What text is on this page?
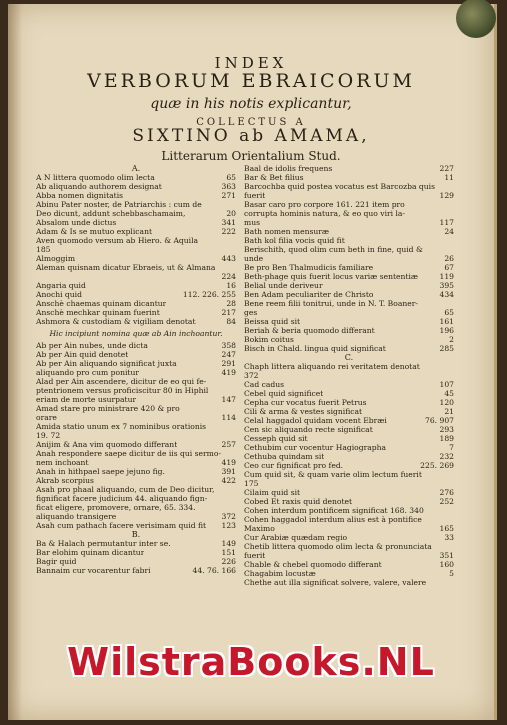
INDEX
VERBORUM EBRAICORUM
quæ in his notis explicantur,
COLLECTUS A
SIXTINO ab AMAMA,
Litterarum Orientalium Stud.
A.
A N littera quomodo olim lecta	65
Ab aliquando authorem designat	363
Abba nomen dignitatis	271
Abinu Pater noster, de Patriarchis : cum de
Deo dicunt, addunt schebbaschamaim,	20
Absalom unde dictus	341
Adam & Is se mutuo explicant	222
Aven quomodo versum ab Hiero. & Aquila
185
Almoggim	443
Aleman quisnam dicatur Ebraeis, ut & Almana
224
Angaria quid	16
Anochi quid	112. 226. 255
Anschè chaemas quinam dicantur	28
Anschè mechkar quinam fuerint	217
Ashmora & custodiam & vigiliam denotat	84
Hic incipiunt nomina quæ ab Ain inchoantur.
Ab per Ain nubes, unde dicta	358
Ab per Ain quid denotet	247
Ab per Ain aliquando significat juxta	291
aliquando pro cum ponitur	419
Alad per Ain ascendere, dicitur de eo qui fe-
ptentrionem versus proficiscitur 80 in Hiphil
eriam de morte usurpatur	147
Amad stare pro ministrare 420 & pro
orare	114
Amida statio unum ex 7 nominibus orationis
19. 72
Anijim & Ana vim quomodo differant	257
Anah respondere saepe dicitur de iis qui sermo-
nem inchoant	419
Anah in hithpael saepe jejuno fig.	391
Akrab scorpius	422
Asah pro phaal aliquando, cum de Deo dicitur,
fignificat facere judicium 44. aliquando fign-
ficat eligere, promovere, ornare, 65. 334.
aliquando transigere	372
Asah cum pathach facere verisimam quid fit	123
B.
Ba & Halach permutantur inter se.	149
Bar elohim quinam dicantur	151
Bagir quid	226
Bannaim cur vocarentur fabri	44. 76. 166
Baal de idolis frequens	227
Bar & Bet filius	11
Barcochba quid postea vocatus est Barcozba quis
fuerit	129
Basar caro pro corpore 161. 221 item pro
corrupta hominis natura, & eo quo viri la-
mus	117
Bath nomen mensuræ	24
Bath kol filia vocis quid fit
Berischith, quod olim cum beth in fine, quid &
unde	26
Be pro Ben Thalmudicis familiare	67
Beth-phage quis fuerit locus variæ sententiæ	119
Belial unde deriveur	395
Ben Adam peculiariter de Christo	434
Bene reem filii tonitrui, unde in N. T. Boaner-
ges	65
Beissa quid sit	161
Beriah & beria quomodo differant	196
Bokim coitus	2
Bisch in Chald. lingua quid significat	285
C.
Chaph littera aliquando rei veritatem denotat
372
Cad cadus	107
Cebel quid significet	45
Cepha cur vocatus fuerit Petrus	120
Cili & arma & vestes significat	21
Celal haggadol quidam vocent Ebræi	76. 907
Cen sic aliquando recte significat	293
Cesseph quid sit	189
Cethubim cur vocentur Hagiographa	7
Cethuba quindam sit	232
Ceo cur fignificat pro fed.	225. 269
Cum quid sit, & quam varie olim lectum fuerit
175
Cilaim quid sit	276
Cobed Et raxis quid denotet	252
Cohen interdum pontificem significat 168. 340
Cohen haggadol interdum alius est à pontifice
Maximo	165
Cur Arabiæ quædam regio	33
Chetib littera quomodo olim lecta & pronunciata
fuerit	351
Chable & chebel quomodo differant	160
Chagabim locustæ	5
Chethe aut illa significat solvere, valere, valere
WilstraBooks.NL
